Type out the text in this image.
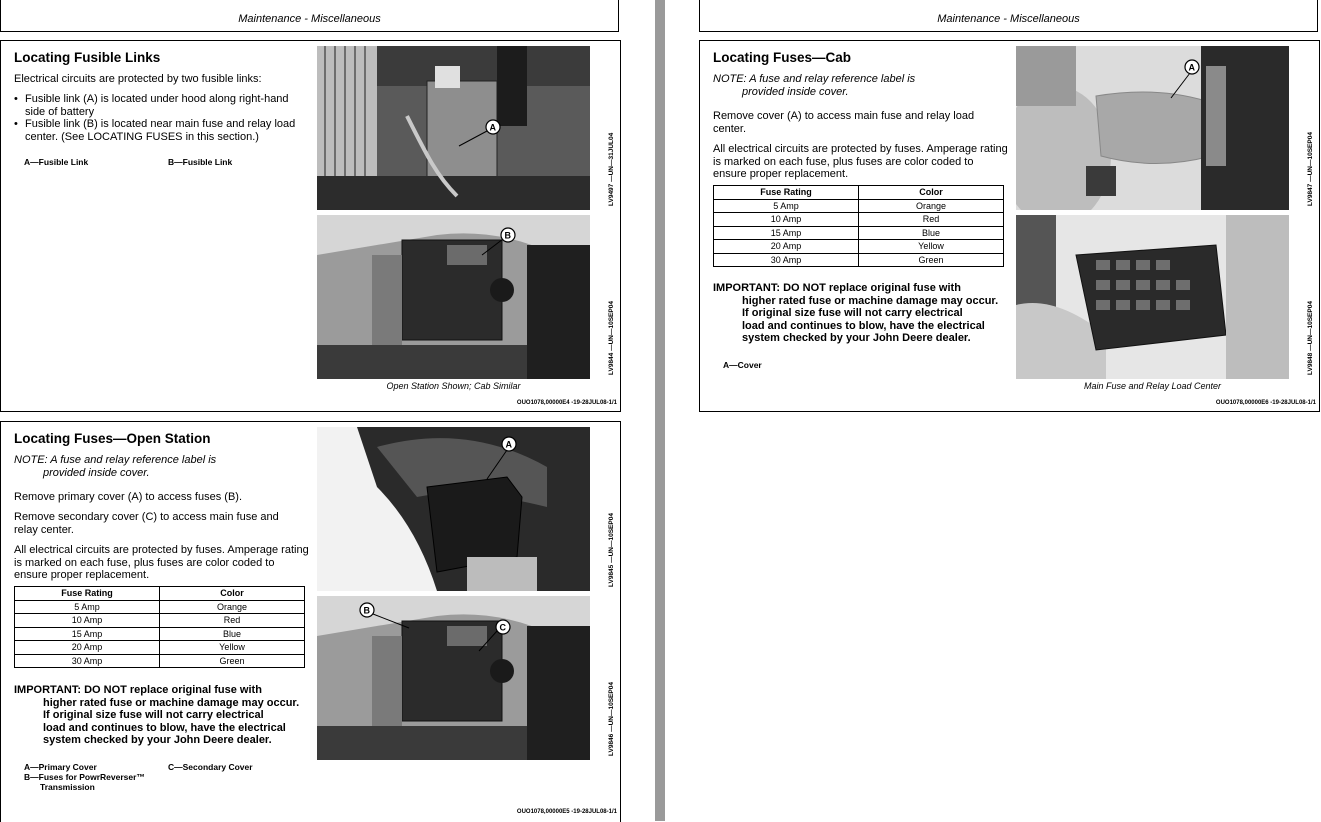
Maintenance - Miscellaneous
Locating Fusible Links
Electrical circuits are protected by two fusible links:
• Fusible link (A) is located under hood along right-hand side of battery
• Fusible link (B) is located near main fuse and relay load center. (See LOCATING FUSES in this section.)
A—Fusible Link	B—Fusible Link
A
LV9497 —UN—31JUL04
B
LV9844 —UN—10SEP04
Open Station Shown; Cab Similar
OUO1078,00000E4 -19-28JUL08-1/1
Locating Fuses—Open Station

NOTE: A fuse and relay reference label is

provided inside cover.

Remove primary cover (A) to access fuses (B).
Remove secondary cover (C) to access main fuse and relay center.
All electrical circuits are protected by fuses. Amperage rating is marked on each fuse, plus fuses are color coded to ensure proper replacement.
Fuse Rating	Color
5 Amp	Orange
10 Amp	Red
15 Amp	Blue
20 Amp	Yellow
30 Amp	Green

IMPORTANT: DO NOT replace original fuse with

higher rated fuse or machine damage may occur.

If original size fuse will not carry electrical

load and continues to blow, have the electrical

system checked by your John Deere dealer.

A—Primary Cover
B—Fuses for PowrReverser™
Transmission
C—Secondary Cover
A
LV9845 —UN—10SEP04
B
C
LV9846 —UN—10SEP04
OUO1078,00000E5 -19-28JUL08-1/1
Maintenance - Miscellaneous
Locating Fuses—Cab

NOTE: A fuse and relay reference label is

provided inside cover.

Remove cover (A) to access main fuse and relay load center.
All electrical circuits are protected by fuses. Amperage rating is marked on each fuse, plus fuses are color coded to ensure proper replacement.
Fuse Rating	Color
5 Amp	Orange
10 Amp	Red
15 Amp	Blue
20 Amp	Yellow
30 Amp	Green

IMPORTANT: DO NOT replace original fuse with

higher rated fuse or machine damage may occur.

If original size fuse will not carry electrical

load and continues to blow, have the electrical

system checked by your John Deere dealer.

A—Cover
A
LV9847 —UN—10SEP04
LV9848 —UN—10SEP04
Main Fuse and Relay Load Center
OUO1078,00000E6 -19-28JUL08-1/1
